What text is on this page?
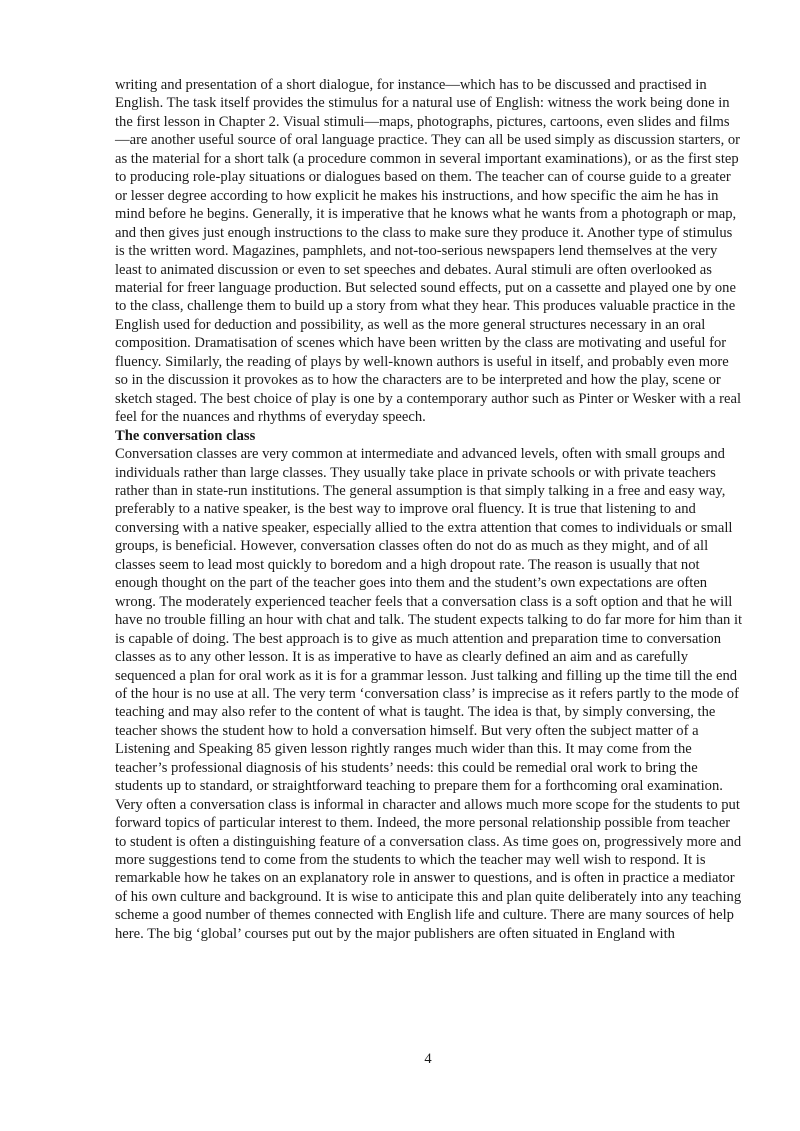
writing and presentation of a short dialogue, for instance—which has to be discussed and practised in English. The task itself provides the stimulus for a natural use of English: witness the work being done in the first lesson in Chapter 2. Visual stimuli—maps, photographs, pictures, cartoons, even slides and films—are another useful source of oral language practice. They can all be used simply as discussion starters, or as the material for a short talk (a procedure common in several important examinations), or as the first step to producing role-play situations or dialogues based on them. The teacher can of course guide to a greater or lesser degree according to how explicit he makes his instructions, and how specific the aim he has in mind before he begins. Generally, it is imperative that he knows what he wants from a photograph or map, and then gives just enough instructions to the class to make sure they produce it. Another type of stimulus is the written word. Magazines, pamphlets, and not-too-serious newspapers lend themselves at the very least to animated discussion or even to set speeches and debates. Aural stimuli are often overlooked as material for freer language production. But selected sound effects, put on a cassette and played one by one to the class, challenge them to build up a story from what they hear. This produces valuable practice in the English used for deduction and possibility, as well as the more general structures necessary in an oral composition. Dramatisation of scenes which have been written by the class are motivating and useful for fluency. Similarly, the reading of plays by well-known authors is useful in itself, and probably even more so in the discussion it provokes as to how the characters are to be interpreted and how the play, scene or sketch staged. The best choice of play is one by a contemporary author such as Pinter or Wesker with a real feel for the nuances and rhythms of everyday speech.

The conversation class

Conversation classes are very common at intermediate and advanced levels, often with small groups and individuals rather than large classes. They usually take place in private schools or with private teachers rather than in state-run institutions. The general assumption is that simply talking in a free and easy way, preferably to a native speaker, is the best way to improve oral fluency. It is true that listening to and conversing with a native speaker, especially allied to the extra attention that comes to individuals or small groups, is beneficial. However, conversation classes often do not do as much as they might, and of all classes seem to lead most quickly to boredom and a high dropout rate. The reason is usually that not enough thought on the part of the teacher goes into them and the student’s own expectations are often wrong. The moderately experienced teacher feels that a conversation class is a soft option and that he will have no trouble filling an hour with chat and talk. The student expects talking to do far more for him than it is capable of doing. The best approach is to give as much attention and preparation time to conversation classes as to any other lesson. It is as imperative to have as clearly defined an aim and as carefully sequenced a plan for oral work as it is for a grammar lesson. Just talking and filling up the time till the end of the hour is no use at all. The very term ‘conversation class’ is imprecise as it refers partly to the mode of teaching and may also refer to the content of what is taught. The idea is that, by simply conversing, the teacher shows the student how to hold a conversation himself. But very often the subject matter of a Listening and Speaking 85 given lesson rightly ranges much wider than this. It may come from the teacher’s professional diagnosis of his students’ needs: this could be remedial oral work to bring the students up to standard, or straightforward teaching to prepare them for a forthcoming oral examination. Very often a conversation class is informal in character and allows much more scope for the students to put forward topics of particular interest to them. Indeed, the more personal relationship possible from teacher to student is often a distinguishing feature of a conversation class. As time goes on, progressively more and more suggestions tend to come from the students to which the teacher may well wish to respond. It is remarkable how he takes on an explanatory role in answer to questions, and is often in practice a mediator of his own culture and background. It is wise to anticipate this and plan quite deliberately into any teaching scheme a good number of themes connected with English life and culture. There are many sources of help here. The big ‘global’ courses put out by the major publishers are often situated in England with

4
